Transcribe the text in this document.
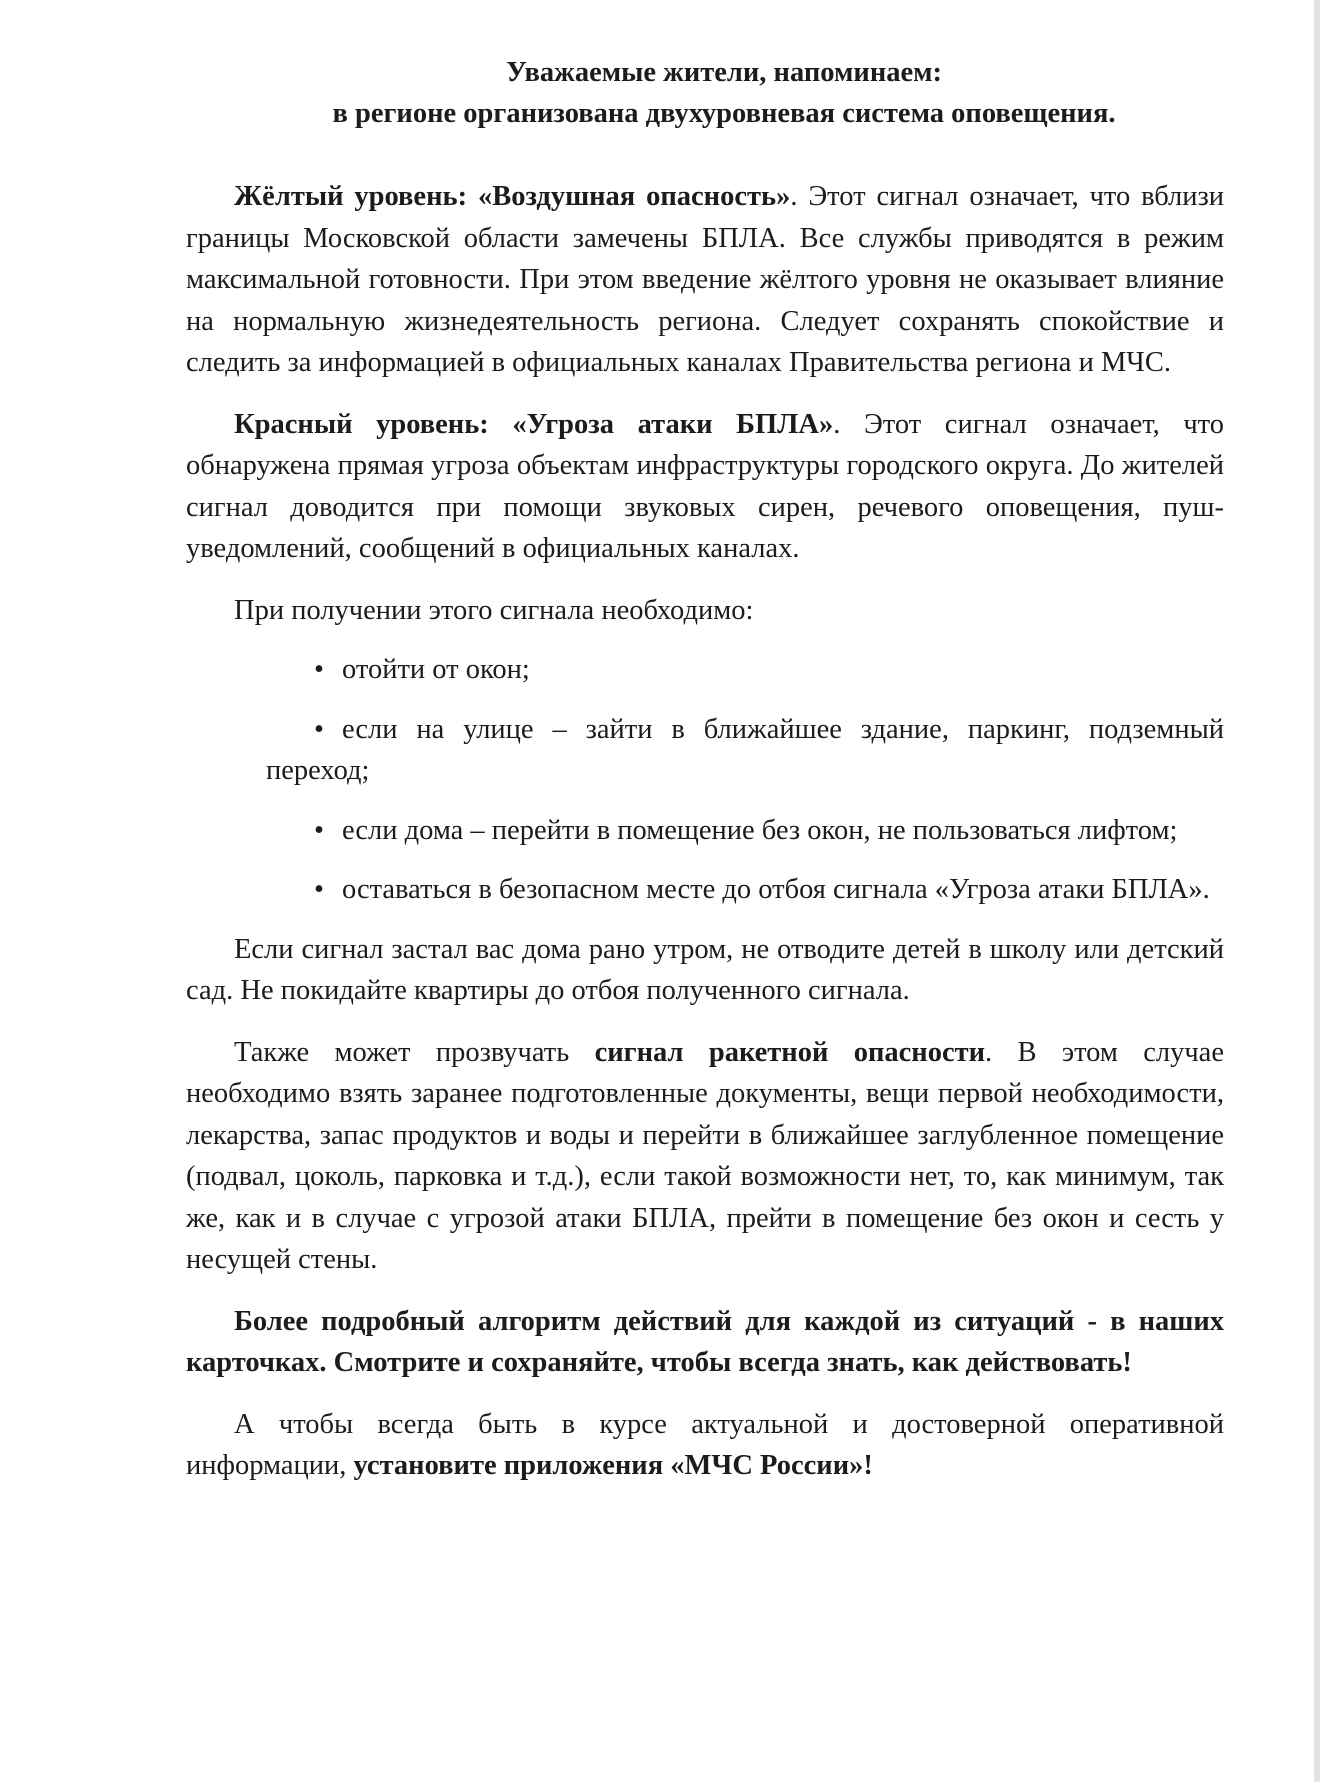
Уважаемые жители, напоминаем:
в регионе организована двухуровневая система оповещения.

Жёлтый уровень: «Воздушная опасность». Этот сигнал означает, что вблизи границы Московской области замечены БПЛА. Все службы приводятся в режим максимальной готовности. При этом введение жёлтого уровня не оказывает влияние на нормальную жизнедеятельность региона. Следует сохранять спокойствие и следить за информацией в официальных каналах Правительства региона и МЧС.

Красный уровень: «Угроза атаки БПЛА». Этот сигнал означает, что обнаружена прямая угроза объектам инфраструктуры городского округа. До жителей сигнал доводится при помощи звуковых сирен, речевого оповещения, пуш-уведомлений, сообщений в официальных каналах.

При получении этого сигнала необходимо:
• отойти от окон;
• если на улице – зайти в ближайшее здание, паркинг, подземный переход;
• если дома – перейти в помещение без окон, не пользоваться лифтом;
• оставаться в безопасном месте до отбоя сигнала «Угроза атаки БПЛА».

Если сигнал застал вас дома рано утром, не отводите детей в школу или детский сад. Не покидайте квартиры до отбоя полученного сигнала.

Также может прозвучать сигнал ракетной опасности. В этом случае необходимо взять заранее подготовленные документы, вещи первой необходимости, лекарства, запас продуктов и воды и перейти в ближайшее заглубленное помещение (подвал, цоколь, парковка и т.д.), если такой возможности нет, то, как минимум, так же, как и в случае с угрозой атаки БПЛА, прейти в помещение без окон и сесть у несущей стены.

Более подробный алгоритм действий для каждой из ситуаций - в наших карточках. Смотрите и сохраняйте, чтобы всегда знать, как действовать!

А чтобы всегда быть в курсе актуальной и достоверной оперативной информации, установите приложения «МЧС России»!
